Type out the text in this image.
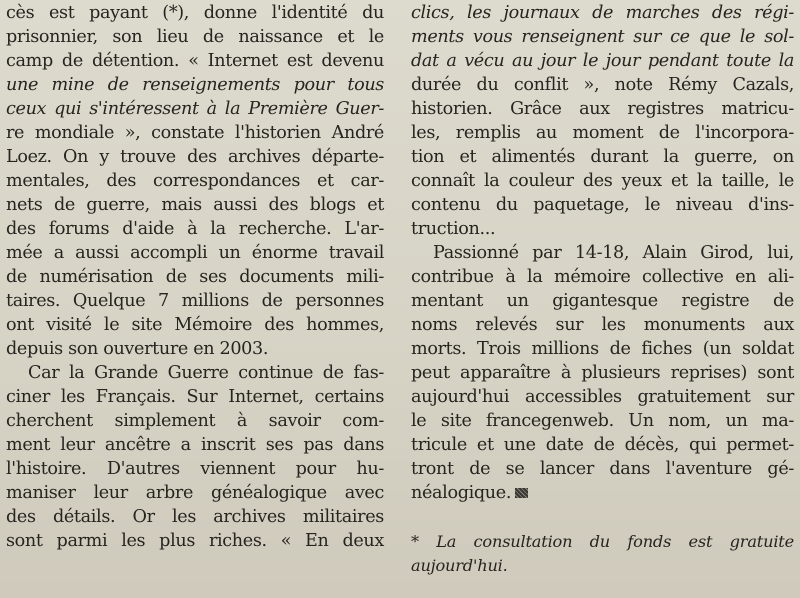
cès est payant (*), donne l'identité du
prisonnier, son lieu de naissance et le
camp de détention. « Internet est devenu
une mine de renseignements pour tous
ceux qui s'intéressent à la Première Guer-
re mondiale », constate l'historien André
Loez. On y trouve des archives départe-
mentales, des correspondances et car-
nets de guerre, mais aussi des blogs et
des forums d'aide à la recherche. L'ar-
mée a aussi accompli un énorme travail
de numérisation de ses documents mili-
taires. Quelque 7 millions de personnes
ont visité le site Mémoire des hommes,
depuis son ouverture en 2003.
Car la Grande Guerre continue de fas-
ciner les Français. Sur Internet, certains
cherchent simplement à savoir com-
ment leur ancêtre a inscrit ses pas dans
l'histoire. D'autres viennent pour hu-
maniser leur arbre généalogique avec
des détails. Or les archives militaires
sont parmi les plus riches. « En deux
clics, les journaux de marches des régi-
ments vous renseignent sur ce que le sol-
dat a vécu au jour le jour pendant toute la
durée du conflit », note Rémy Cazals,
historien. Grâce aux registres matricu-
les, remplis au moment de l'incorpora-
tion et alimentés durant la guerre, on
connaît la couleur des yeux et la taille, le
contenu du paquetage, le niveau d'ins-
truction...
Passionné par 14-18, Alain Girod, lui,
contribue à la mémoire collective en ali-
mentant un gigantesque registre de
noms relevés sur les monuments aux
morts. Trois millions de fiches (un soldat
peut apparaître à plusieurs reprises) sont
aujourd'hui accessibles gratuitement sur
le site francegenweb. Un nom, un ma-
tricule et une date de décès, qui permet-
tront de se lancer dans l'aventure gé-
néalogique.
* La consultation du fonds est gratuite
aujourd'hui.
